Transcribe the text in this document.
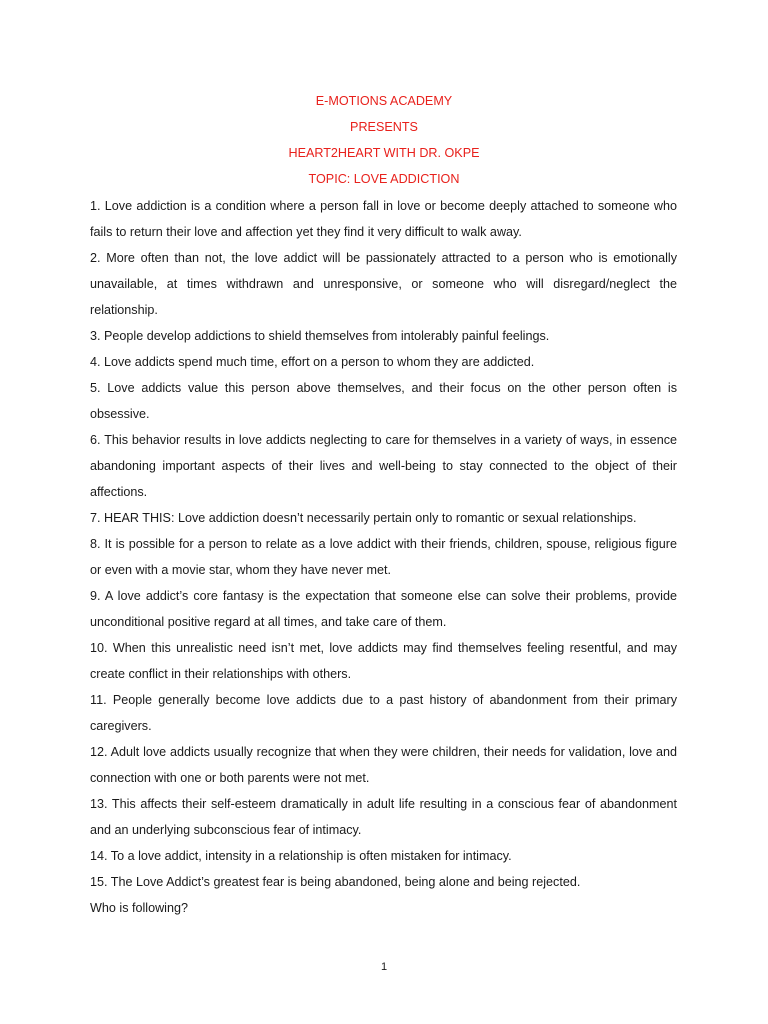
E-MOTIONS ACADEMY
PRESENTS
HEART2HEART WITH DR. OKPE
TOPIC: LOVE ADDICTION

1. Love addiction is a condition where a person fall in love or become deeply attached to someone who fails to return their love and affection yet they find it very difficult to walk away.

2. More often than not, the love addict will be passionately attracted to a person who is emotionally unavailable, at times withdrawn and unresponsive, or someone who will disregard/neglect the relationship.

3. People develop addictions to shield themselves from intolerably painful feelings.

4. Love addicts spend much time, effort on a person to whom they are addicted.

5. Love addicts value this person above themselves, and their focus on the other person often is obsessive.

6. This behavior results in love addicts neglecting to care for themselves in a variety of ways, in essence abandoning important aspects of their lives and well-being to stay connected to the object of their affections.

7. HEAR THIS: Love addiction doesn’t necessarily pertain only to romantic or sexual relationships.

8. It is possible for a person to relate as a love addict with their friends, children, spouse, religious figure or even with a movie star, whom they have never met.

9. A love addict’s core fantasy is the expectation that someone else can solve their problems, provide unconditional positive regard at all times, and take care of them.

10. When this unrealistic need isn’t met, love addicts may find themselves feeling resentful, and may create conflict in their relationships with others.

11. People generally become love addicts due to a past history of abandonment from their primary caregivers.

12. Adult love addicts usually recognize that when they were children, their needs for validation, love and connection with one or both parents were not met.

13. This affects their self-esteem dramatically in adult life resulting in a conscious fear of abandonment and an underlying subconscious fear of intimacy.

14. To a love addict, intensity in a relationship is often mistaken for intimacy.

15. The Love Addict’s greatest fear is being abandoned, being alone and being rejected.

Who is following?

1
